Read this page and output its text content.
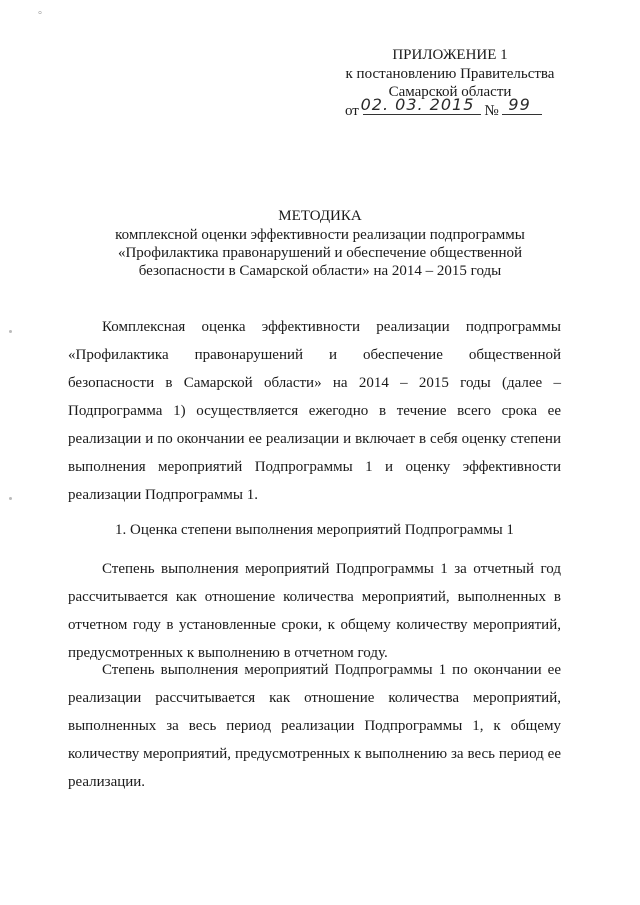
°
ПРИЛОЖЕНИЕ 1
к постановлению Правительства
Самарской области
от 02. 03. 2015 № 99
МЕТОДИКА
комплексной оценки эффективности реализации подпрограммы
«Профилактика правонарушений и обеспечение общественной
безопасности в Самарской области» на 2014 – 2015 годы

Комплексная оценка эффективности реализации подпрограммы «Профилактика правонарушений и обеспечение общественной безопасности в Самарской области» на 2014 – 2015 годы (далее – Подпрограмма 1) осуществляется ежегодно в течение всего срока ее реализации и по окончании ее реализации и включает в себя оценку степени выполнения мероприятий Подпрограммы 1 и оценку эффективности реализации Подпрограммы 1.

1. Оценка степени выполнения мероприятий Подпрограммы 1

Степень выполнения мероприятий Подпрограммы 1 за отчетный год рассчитывается как отношение количества мероприятий, выполненных в отчетном году в установленные сроки, к общему количеству мероприятий, предусмотренных к выполнению в отчетном году.

Степень выполнения мероприятий Подпрограммы 1 по окончании ее реализации рассчитывается как отношение количества мероприятий, выполненных за весь период реализации Подпрограммы 1, к общему количеству мероприятий, предусмотренных к выполнению за весь период ее реализации.
